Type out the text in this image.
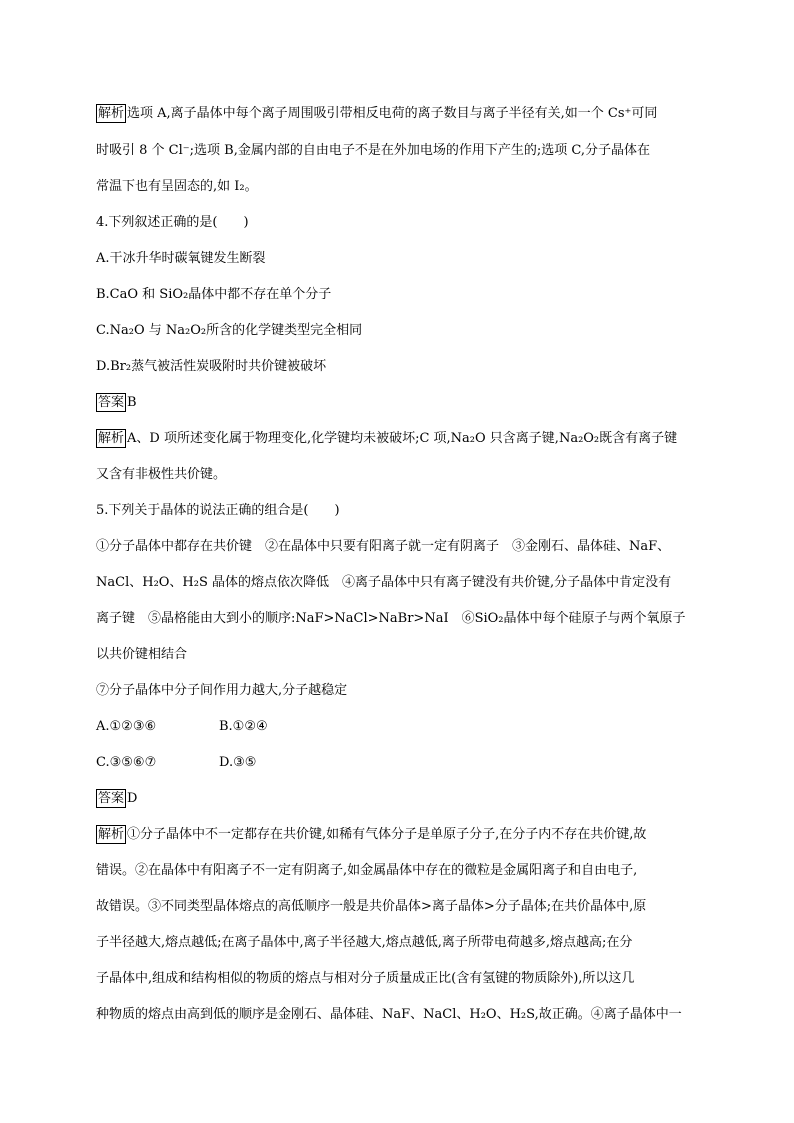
解析 选项 A,离子晶体中每个离子周围吸引带相反电荷的离子数目与离子半径有关,如一个 Cs⁺可同
时吸引 8 个 Cl⁻;选项 B,金属内部的自由电子不是在外加电场的作用下产生的;选项 C,分子晶体在
常温下也有呈固态的,如 I₂。
4.下列叙述正确的是(　　)
A.干冰升华时碳氧键发生断裂
B.CaO 和 SiO₂晶体中都不存在单个分子
C.Na₂O 与 Na₂O₂所含的化学键类型完全相同
D.Br₂蒸气被活性炭吸附时共价键被破坏
答案 B
解析 A、D 项所述变化属于物理变化,化学键均未被破坏;C 项,Na₂O 只含离子键,Na₂O₂既含有离子键
又含有非极性共价键。
5.下列关于晶体的说法正确的组合是(　　)
①分子晶体中都存在共价键　②在晶体中只要有阳离子就一定有阴离子　③金刚石、晶体硅、NaF、
NaCl、H₂O、H₂S 晶体的熔点依次降低　④离子晶体中只有离子键没有共价键,分子晶体中肯定没有
离子键　⑤晶格能由大到小的顺序:NaF>NaCl>NaBr>NaI　⑥SiO₂晶体中每个硅原子与两个氧原子
以共价键相结合
⑦分子晶体中分子间作用力越大,分子越稳定
A.①②③⑥	B.①②④
C.③⑤⑥⑦	D.③⑤
答案 D
解析 ①分子晶体中不一定都存在共价键,如稀有气体分子是单原子分子,在分子内不存在共价键,故
错误。②在晶体中有阳离子不一定有阴离子,如金属晶体中存在的微粒是金属阳离子和自由电子,
故错误。③不同类型晶体熔点的高低顺序一般是共价晶体>离子晶体>分子晶体;在共价晶体中,原
子半径越大,熔点越低;在离子晶体中,离子半径越大,熔点越低,离子所带电荷越多,熔点越高;在分
子晶体中,组成和结构相似的物质的熔点与相对分子质量成正比(含有氢键的物质除外),所以这几
种物质的熔点由高到低的顺序是金刚石、晶体硅、NaF、NaCl、H₂O、H₂S,故正确。④离子晶体中一
